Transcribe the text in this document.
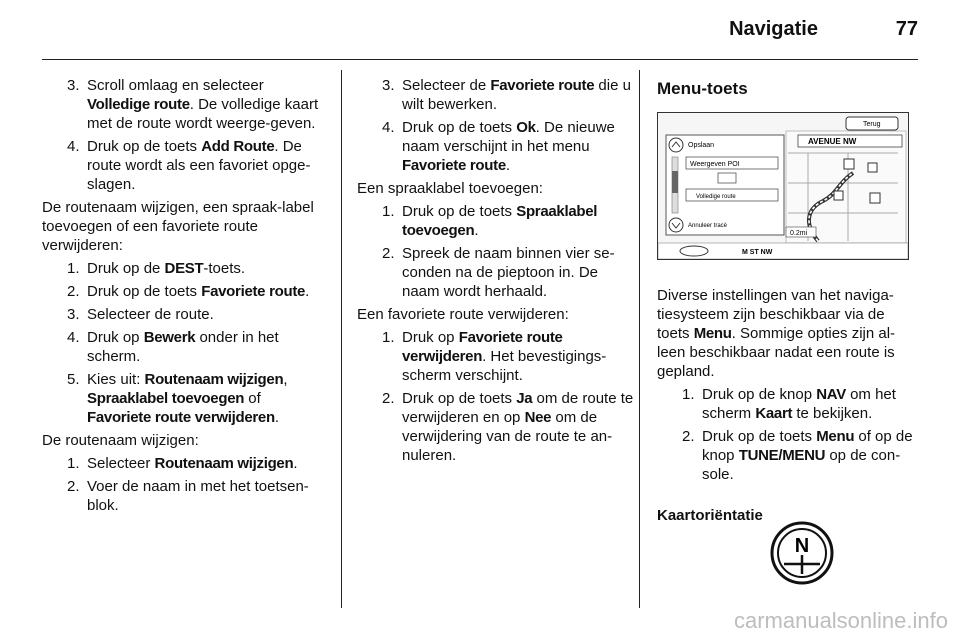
Navigatie	77
3. Scroll omlaag en selecteer Volledige route. De volledige kaart met de route wordt weerge-geven.
4. Druk op de toets Add Route. De route wordt als een favoriet opge-slagen.
De routenaam wijzigen, een spraak-label toevoegen of een favoriete route verwijderen:
1. Druk op de DEST-toets.
2. Druk op de toets Favoriete route.
3. Selecteer de route.
4. Druk op Bewerk onder in het scherm.
5. Kies uit: Routenaam wijzigen, Spraaklabel toevoegen of Favoriete route verwijderen.
De routenaam wijzigen:
1. Selecteer Routenaam wijzigen.
2. Voer de naam in met het toetsen-blok.
3. Selecteer de Favoriete route die u wilt bewerken.
4. Druk op de toets Ok. De nieuwe naam verschijnt in het menu Favoriete route.
Een spraaklabel toevoegen:
1. Druk op de toets Spraaklabel toevoegen.
2. Spreek de naam binnen vier se-conden na de pieptoon in. De naam wordt herhaald.
Een favoriete route verwijderen:
1. Druk op Favoriete route verwijderen. Het bevestigings-scherm verschijnt.
2. Druk op de toets Ja om de route te verwijderen en op Nee om de verwijdering van de route te an-nuleren.
Menu-toets
AVENUE NW
Terug
0.2mi
Opslaan
Weergeven POI
Volledige route
Annuleer tracé
M ST NW
Diverse instellingen van het naviga-tiesysteem zijn beschikbaar via de toets Menu. Sommige opties zijn al-leen beschikbaar nadat een route is gepland.
1. Druk op de knop NAV om het scherm Kaart te bekijken.
2. Druk op de toets Menu of op de knop TUNE/MENU op de con-sole.
Kaartoriëntatie
N
carmanualsonline.info
